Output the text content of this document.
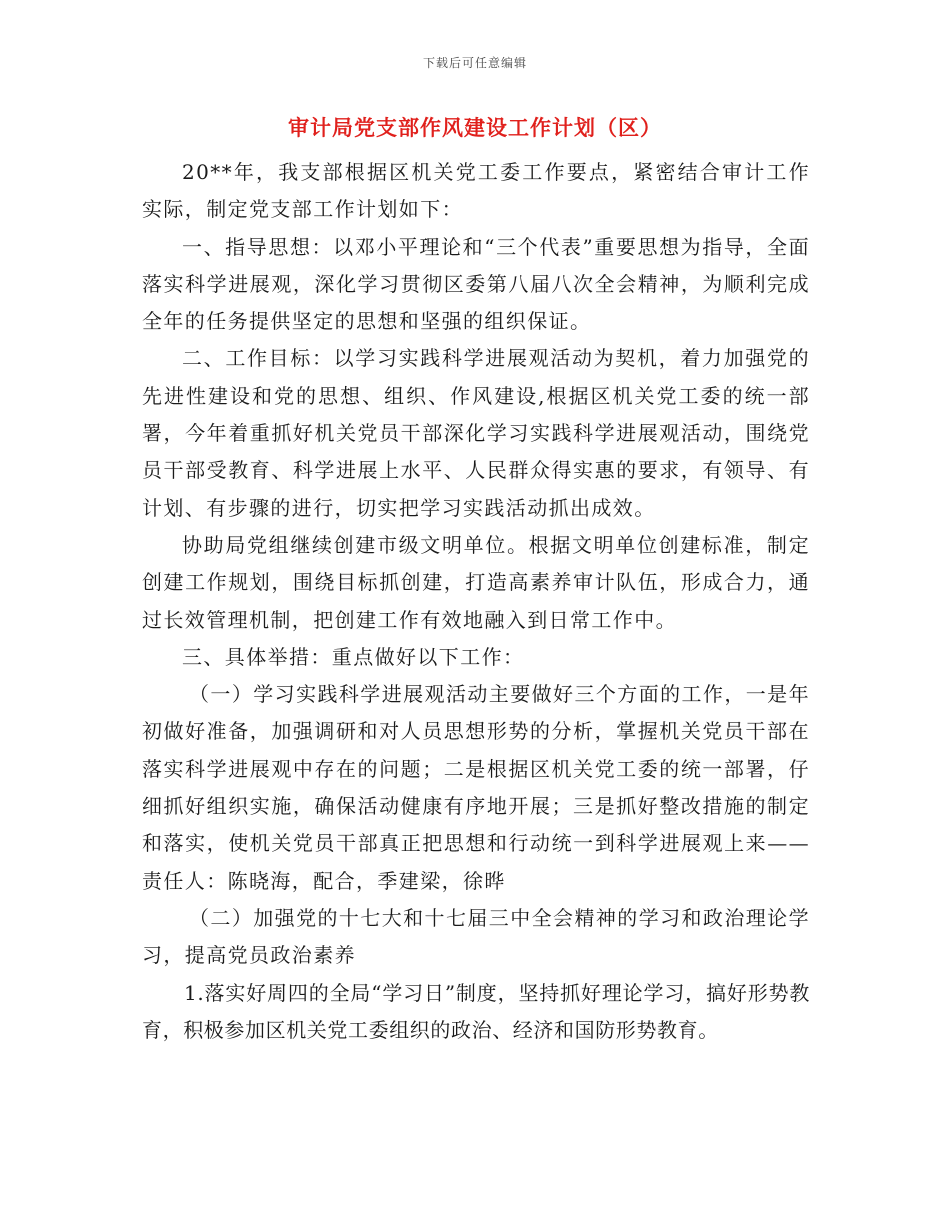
下载后可任意编辑
审计局党支部作风建设工作计划（区）

20**年，我支部根据区机关党工委工作要点，紧密结合审计工作实际，制定党支部工作计划如下：

一、指导思想：以邓小平理论和“三个代表”重要思想为指导，全面落实科学进展观，深化学习贯彻区委第八届八次全会精神，为顺利完成全年的任务提供坚定的思想和坚强的组织保证。

二、工作目标：以学习实践科学进展观活动为契机，着力加强党的先进性建设和党的思想、组织、作风建设,根据区机关党工委的统一部署，今年着重抓好机关党员干部深化学习实践科学进展观活动，围绕党员干部受教育、科学进展上水平、人民群众得实惠的要求，有领导、有计划、有步骤的进行，切实把学习实践活动抓出成效。

协助局党组继续创建市级文明单位。根据文明单位创建标准，制定创建工作规划，围绕目标抓创建，打造高素养审计队伍，形成合力，通过长效管理机制，把创建工作有效地融入到日常工作中。

三、具体举措：重点做好以下工作：

（一）学习实践科学进展观活动主要做好三个方面的工作，一是年初做好准备，加强调研和对人员思想形势的分析，掌握机关党员干部在落实科学进展观中存在的问题；二是根据区机关党工委的统一部署，仔细抓好组织实施，确保活动健康有序地开展；三是抓好整改措施的制定和落实，使机关党员干部真正把思想和行动统一到科学进展观上来——责任人：陈晓海，配合，季建梁，徐晔

（二）加强党的十七大和十七届三中全会精神的学习和政治理论学习，提高党员政治素养

1.落实好周四的全局“学习日”制度，坚持抓好理论学习，搞好形势教育，积极参加区机关党工委组织的政治、经济和国防形势教育。
